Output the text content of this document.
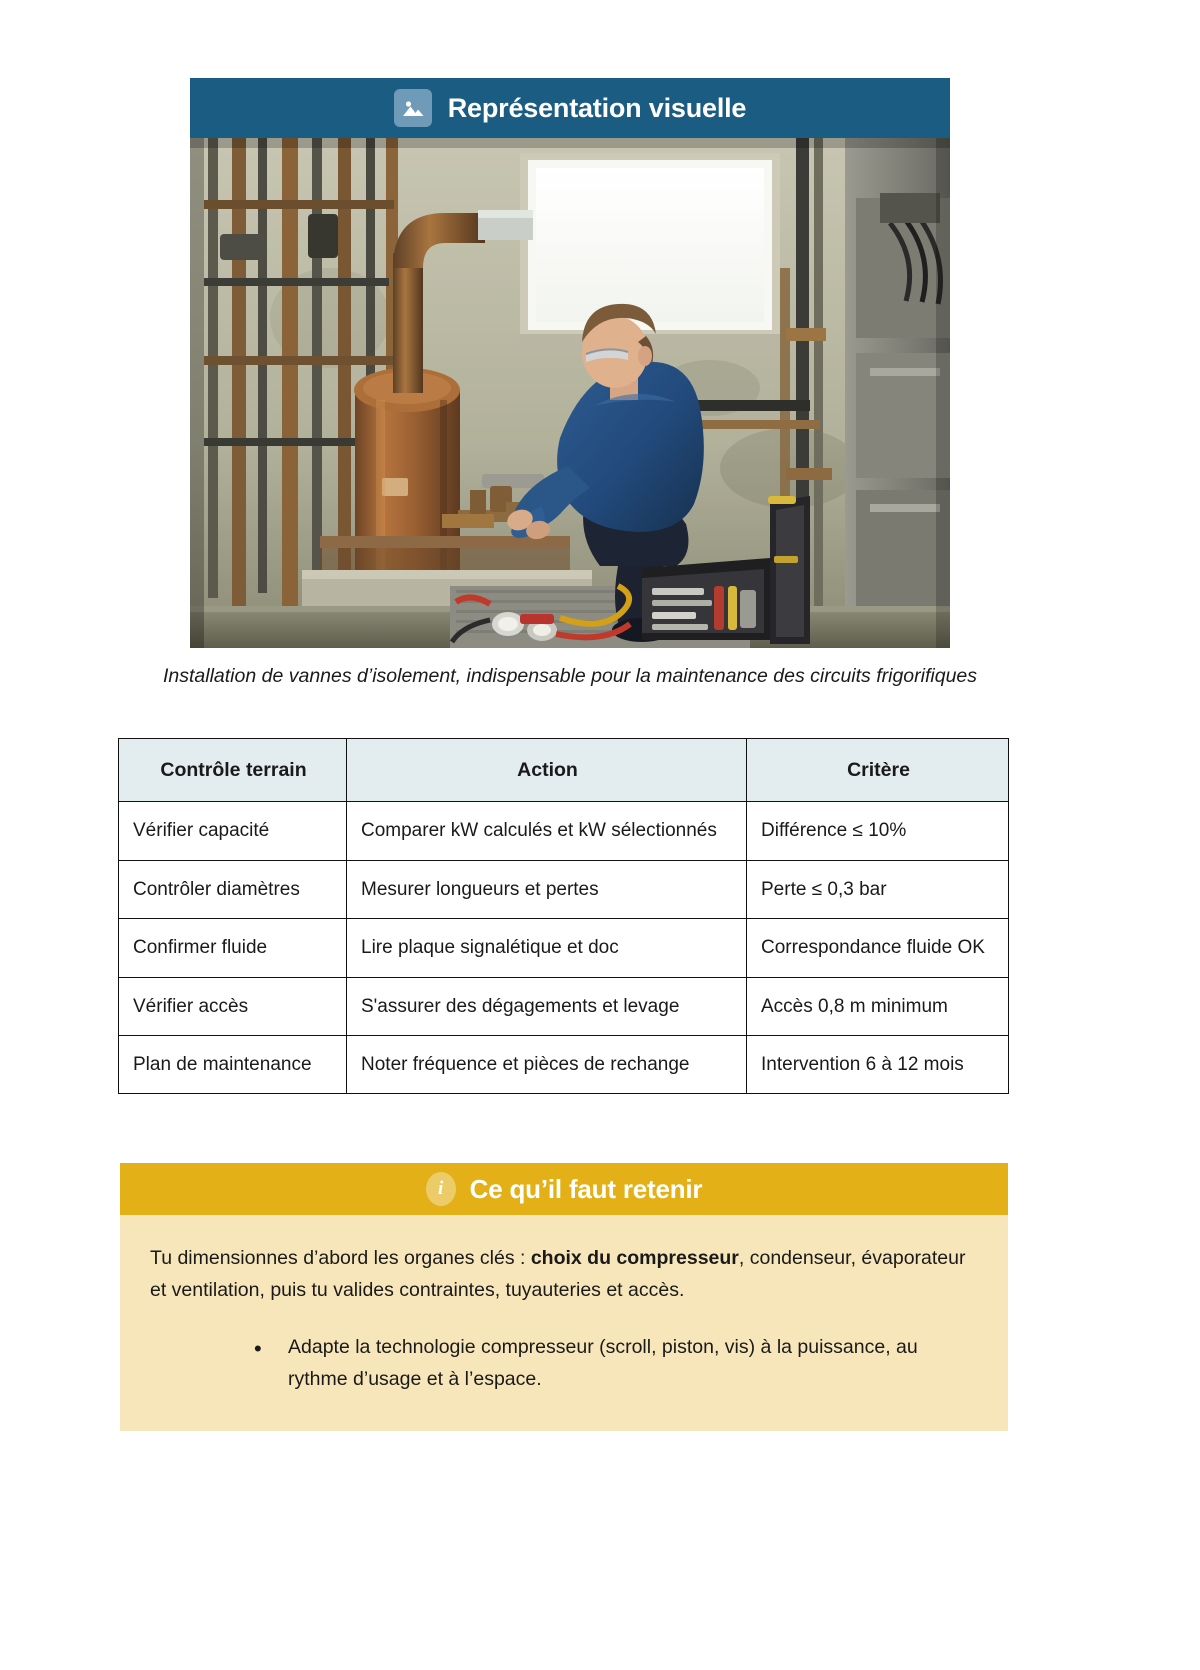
Représentation visuelle
Installation de vannes d’isolement, indispensable pour la maintenance des circuits frigorifiques
Contrôle terrain	Action	Critère
Vérifier capacité	Comparer kW calculés et kW sélectionnés	Différence ≤ 10%
Contrôler diamètres	Mesurer longueurs et pertes	Perte ≤ 0,3 bar
Confirmer fluide	Lire plaque signalétique et doc	Correspondance fluide OK
Vérifier accès	S'assurer des dégagements et levage	Accès 0,8 m minimum
Plan de maintenance	Noter fréquence et pièces de rechange	Intervention 6 à 12 mois
i	Ce qu’il faut retenir

Tu dimensionnes d’abord les organes clés : choix du compresseur, condenseur, évaporateur et ventilation, puis tu valides contraintes, tuyauteries et accès.

• Adapte la technologie compresseur (scroll, piston, vis) à la puissance, au rythme d’usage et à l’espace.
